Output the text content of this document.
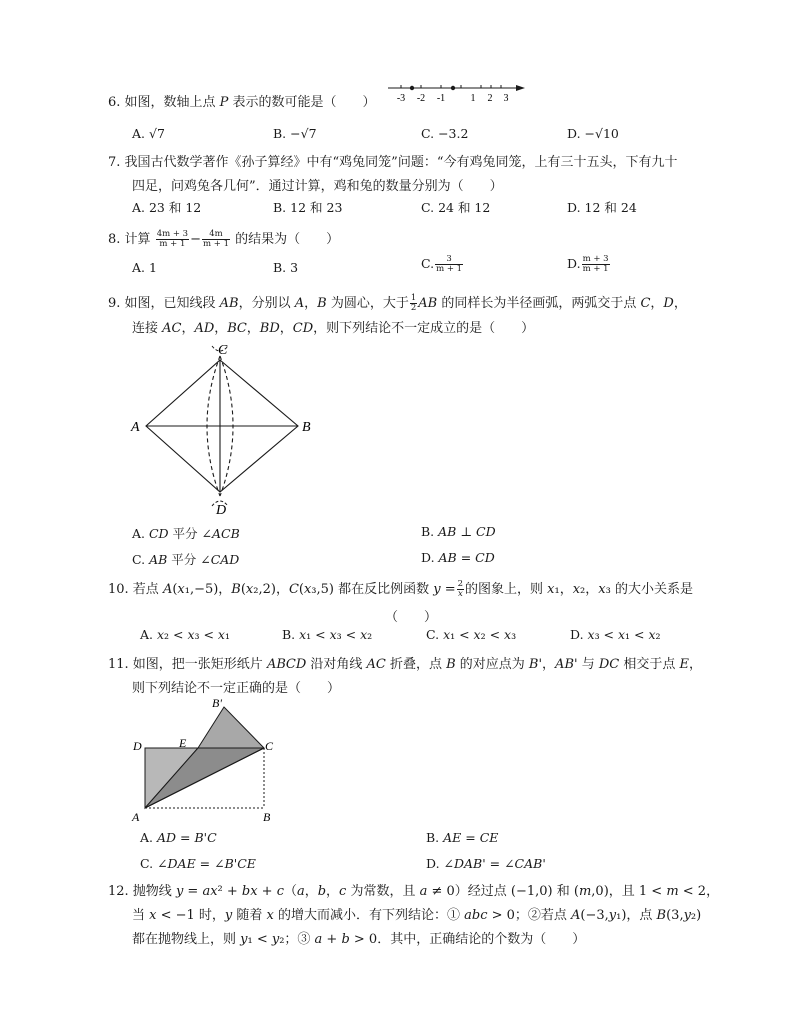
6. 如图，数轴上点 𝑃 表示的数可能是（　　） -3 -2 -1	1 2 3
A. √7	B. −√7	C. −3.2	D. −√10
7. 我国古代数学著作《孙子算经》中有“鸡兔同笼”问题：“今有鸡兔同笼，上有三十五头，下有九十
四足，问鸡兔各几何”．通过计算，鸡和兔的数量分别为（　　）
A. 23 和 12	B. 12 和 23	C. 24 和 12	D. 12 和 24
8. 计算 $\frac{4m + 3}{m + 1} - \frac{4m}{m + 1}$ 的结果为（　　）
A. 1	B. 3	C. $\frac{3}{m + 1}$	D. $\frac{m + 3}{m + 1}$
9. 如图，已知线段 𝐴𝐵，分别以 𝐴，𝐵 为圆心，大于 $\frac{1}{2}$ 𝐴𝐵 的同样长为半径画弧，两弧交于点 𝐶，𝐷，
连接 𝐴𝐶，𝐴𝐷，𝐵𝐶，𝐵𝐷，𝐶𝐷，则下列结论不一定成立的是（　　）
C
A	B
D
A. 𝐶𝐷 平分 ∠𝐴𝐶𝐵	B. 𝐴𝐵 ⊥ 𝐶𝐷
C. 𝐴𝐵 平分 ∠𝐶𝐴𝐷	D. 𝐴𝐵 = 𝐶𝐷
10. 若点 𝐴(𝑥₁,−5)，𝐵(𝑥₂,2)，𝐶(𝑥₃,5) 都在反比例函数 𝑦 = $\frac{2}{\text{𝑥}}$ 的图象上，则 𝑥₁，𝑥₂，𝑥₃ 的大小关系是
（　　）
A. 𝑥₂ < 𝑥₃ < 𝑥₁	B. 𝑥₁ < 𝑥₃ < 𝑥₂	C. 𝑥₁ < 𝑥₂ < 𝑥₃	D. 𝑥₃ < 𝑥₁ < 𝑥₂
11. 如图，把一张矩形纸片 𝐴𝐵𝐶𝐷 沿对角线 𝐴𝐶 折叠，点 𝐵 的对应点为 𝐵'，𝐴𝐵' 与 𝐷𝐶 相交于点 𝐸，
则下列结论不一定正确的是（　　）
B'
D	E	C
A	B
A. 𝐴𝐷 = 𝐵'𝐶	B. 𝐴𝐸 = 𝐶𝐸
C. ∠𝐷𝐴𝐸 = ∠𝐵'𝐶𝐸	D. ∠𝐷𝐴𝐵' = ∠𝐶𝐴𝐵'
12. 抛物线 𝑦 = 𝑎𝑥² + 𝑏𝑥 + 𝑐（𝑎，𝑏，𝑐 为常数，且 𝑎 ≠ 0）经过点 (−1,0) 和 (𝑚,0)，且 1 < 𝑚 < 2，
当 𝑥 < −1 时，𝑦 随着 𝑥 的增大而减小．有下列结论：① 𝑎𝑏𝑐 > 0；②若点 𝐴(−3,𝑦₁)，点 𝐵(3,𝑦₂)
都在抛物线上，则 𝑦₁ < 𝑦₂；③ 𝑎 + 𝑏 > 0．其中，正确结论的个数为（　　）
